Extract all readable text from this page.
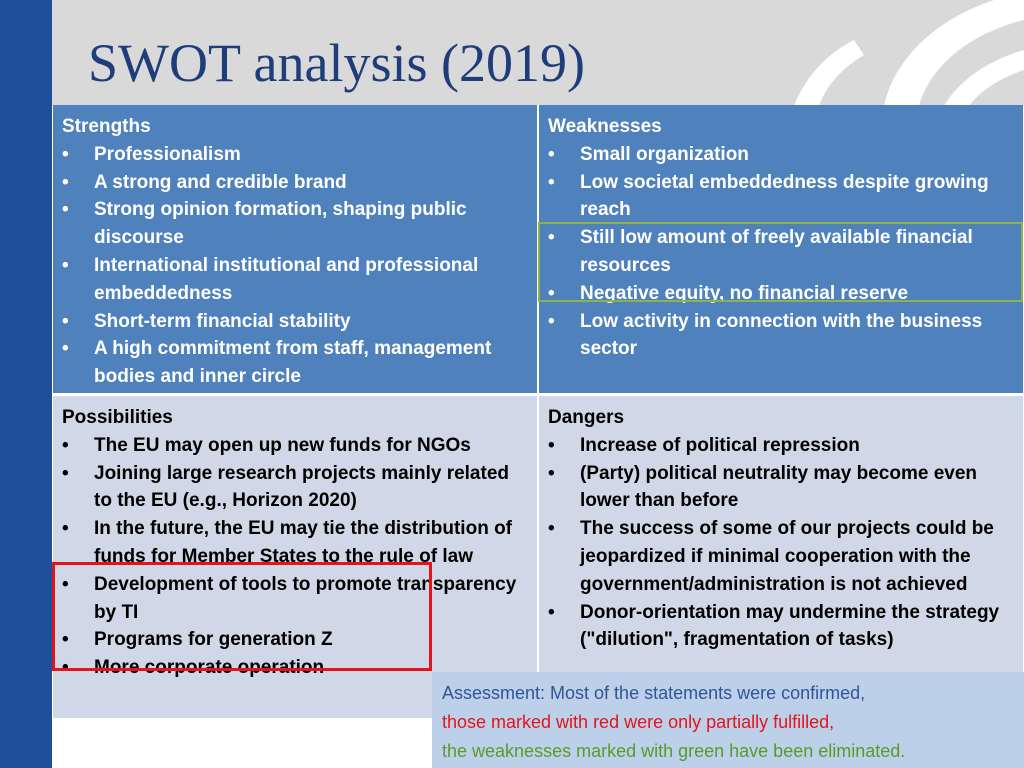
SWOT analysis (2019)
Strengths
• Professionalism
• A strong and credible brand
• Strong opinion formation, shaping public discourse
• International institutional and professional embeddedness
• Short-term financial stability
• A high commitment from staff, management bodies and inner circle
Weaknesses
• Small organization
• Low societal embeddedness despite growing reach
• Still low amount of freely available financial resources
• Negative equity, no financial reserve
• Low activity in connection with the business sector
Possibilities
• The EU may open up new funds for NGOs
• Joining large research projects mainly related to the EU (e.g., Horizon 2020)
• In the future, the EU may tie the distribution of funds for Member States to the rule of law
• Development of tools to promote transparency by TI
• Programs for generation Z
• More corporate operation
Dangers
• Increase of political repression
• (Party) political neutrality may become even lower than before
• The success of some of our projects could be jeopardized if minimal cooperation with the government/administration is not achieved
• Donor-orientation may undermine the strategy ("dilution", fragmentation of tasks)
Assessment: Most of the statements were confirmed,
those marked with red were only partially fulfilled,
the weaknesses marked with green have been eliminated.
